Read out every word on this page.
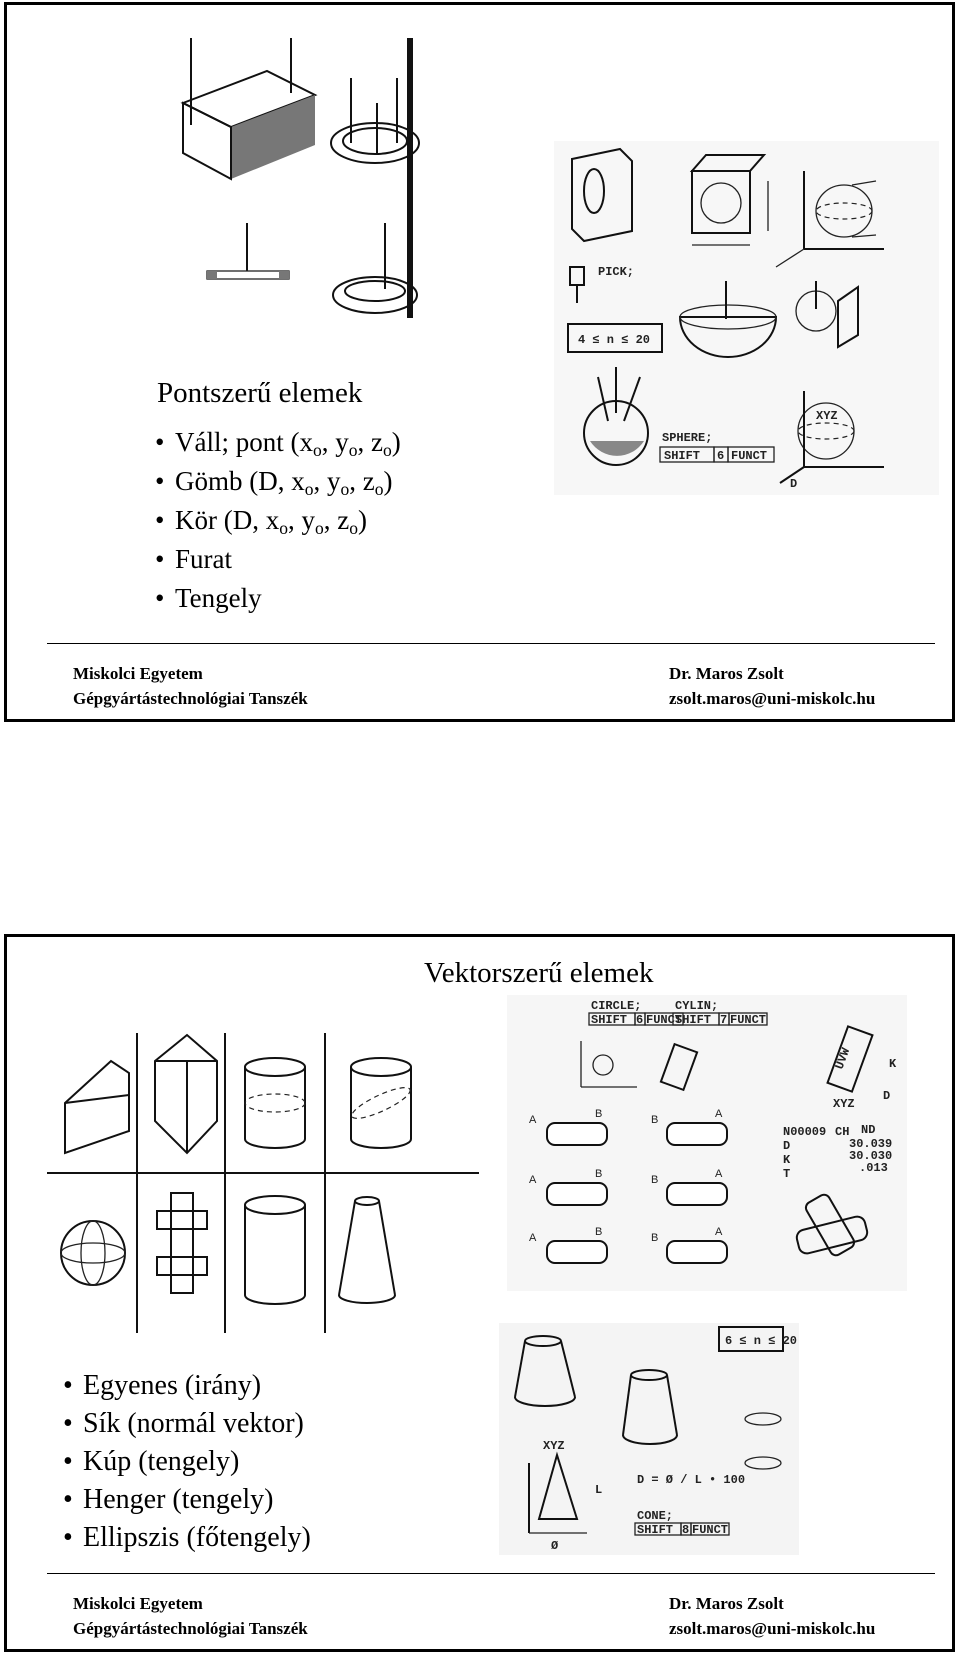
PICK;
4 ≤ n ≤ 20
SPHERE;
SHIFT 6 FUNCT
XYZ
D
Pontszerű elemek
• Váll; pont ($x_o$, $y_o$, $z_o$)
• Gömb (D, $x_o$, $y_o$, $z_o$)
• Kör (D, $x_o$, $y_o$, $z_o$)
• Furat
• Tengely
Miskolci Egyetem
Gépgyártástechnológiai Tanszék
Dr. Maros Zsolt
zsolt.maros@uni-miskolc.hu
Vektorszerű elemek
CIRCLE;
SHIFT 6 FUNCT
CYLIN;
SHIFT 7 FUNCT
A	B	B	A
A	B	B	A
A	B	B	A
UVW
XYZ
K
D
N00009 CH ND
D	30.039
K	30.030
T	.013
6 ≤ n ≤ 20
XYZ
Ø
L
D = Ø / L • 100
CONE;
SHIFT 8 FUNCT
• Egyenes (irány)
• Sík (normál vektor)
• Kúp (tengely)
• Henger (tengely)
• Ellipszis (főtengely)
Miskolci Egyetem
Gépgyártástechnológiai Tanszék
Dr. Maros Zsolt
zsolt.maros@uni-miskolc.hu
